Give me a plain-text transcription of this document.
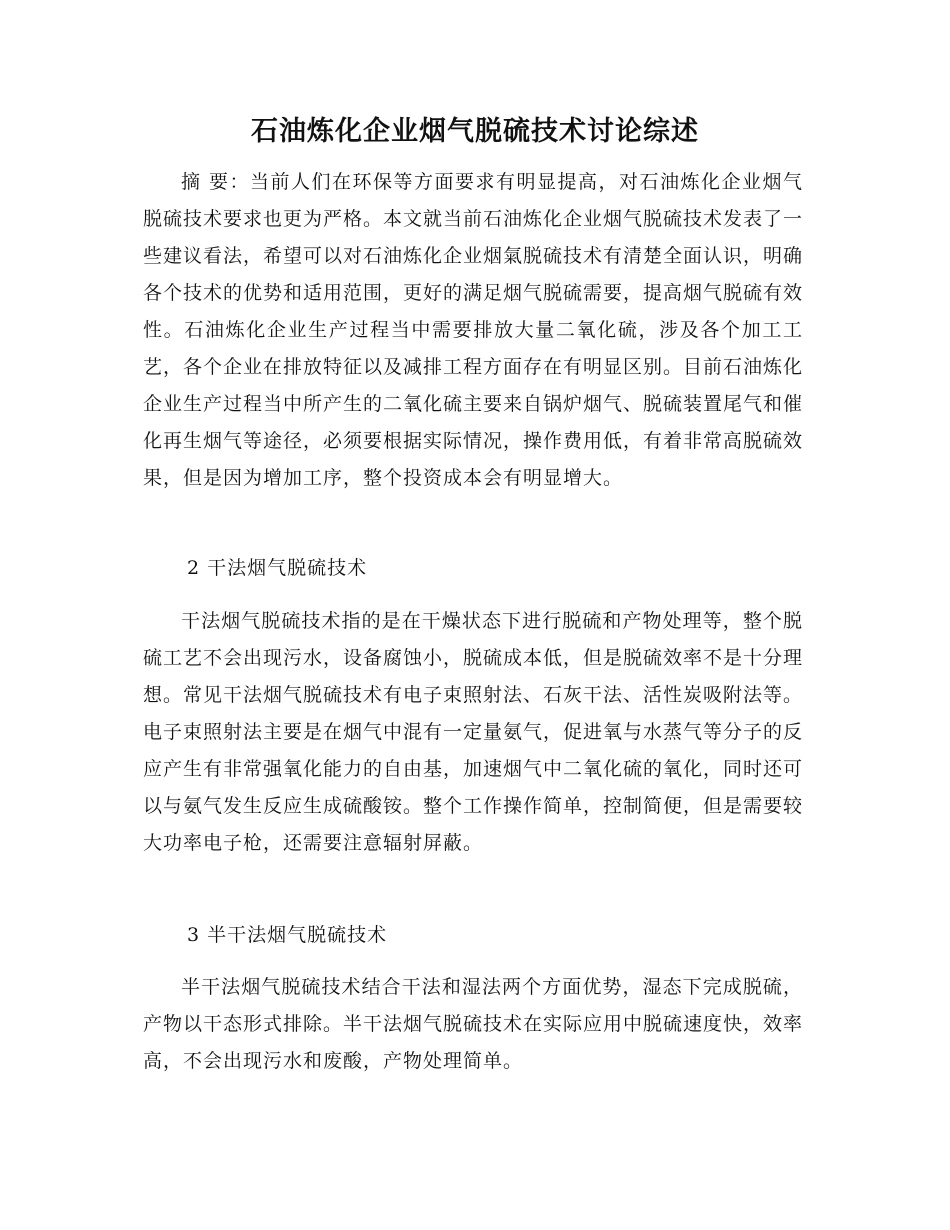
石油炼化企业烟气脱硫技术讨论综述

摘 要：当前人们在环保等方面要求有明显提高，对石油炼化企业烟气脱硫技术要求也更为严格。本文就当前石油炼化企业烟气脱硫技术发表了一些建议看法，希望可以对石油炼化企业烟氣脱硫技术有清楚全面认识，明确各个技术的优势和适用范围，更好的满足烟气脱硫需要，提高烟气脱硫有效性。石油炼化企业生产过程当中需要排放大量二氧化硫，涉及各个加工工艺，各个企业在排放特征以及减排工程方面存在有明显区别。目前石油炼化企业生产过程当中所产生的二氧化硫主要来自锅炉烟气、脱硫装置尾气和催化再生烟气等途径，必须要根据实际情况，操作费用低，有着非常高脱硫效果，但是因为增加工序，整个投资成本会有明显增大。

2 干法烟气脱硫技术

干法烟气脱硫技术指的是在干燥状态下进行脱硫和产物处理等，整个脱硫工艺不会出现污水，设备腐蚀小，脱硫成本低，但是脱硫效率不是十分理想。常见干法烟气脱硫技术有电子束照射法、石灰干法、活性炭吸附法等。电子束照射法主要是在烟气中混有一定量氨气，促进氧与水蒸气等分子的反应产生有非常强氧化能力的自由基，加速烟气中二氧化硫的氧化，同时还可以与氨气发生反应生成硫酸铵。整个工作操作简单，控制简便，但是需要较大功率电子枪，还需要注意辐射屏蔽。

3 半干法烟气脱硫技术

半干法烟气脱硫技术结合干法和湿法两个方面优势，湿态下完成脱硫，产物以干态形式排除。半干法烟气脱硫技术在实际应用中脱硫速度快，效率高，不会出现污水和废酸，产物处理简单。
